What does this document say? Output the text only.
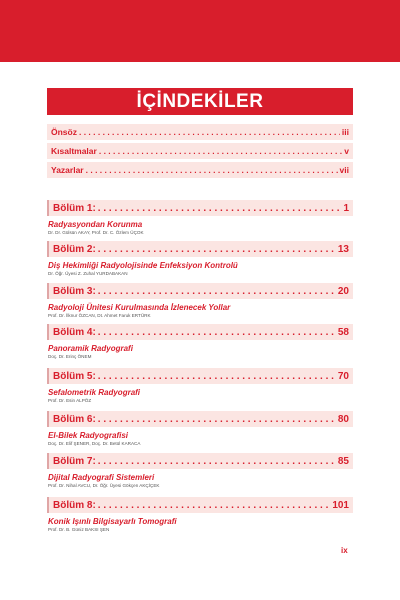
İÇİNDEKİLER
Önsöz . . .	iii
Kısaltmalar . . .	v
Yazarlar . . .	vii
Bölüm 1: . . .	1
Radyasyondan Korunma
Dr. Dr. Gülsün AKAY, Prof. Dr. C. Özlem ÜÇOK
Bölüm 2: . . .	13
Diş Hekimliği Radyolojisinde Enfeksiyon Kontrolü
Dr. Öğr. Üyesi Z. Zuhal YURDABAKAN
Bölüm 3: . . .	20
Radyoloji Ünitesi Kurulmasında İzlenecek Yollar
Prof. Dr. İlknur ÖZCAN, Dt. Ahmet Faruk ERTÜRK
Bölüm 4: . . .	58
Panoramik Radyografi
Doç. Dr. Erinç ÖNEM
Bölüm 5: . . .	70
Sefalometrik Radyografi
Prof. Dr. Esin ALPÖZ
Bölüm 6: . . .	80
El-Bilek Radyografisi
Doç. Dr. Elif ŞENER, Doç. Dr. Betül KARACA
Bölüm 7: . . .	85
Dijital Radyografi Sistemleri
Prof. Dr. Nihal AVCU, Dr. Öğr. Üyesi Gökçen AKÇİÇEK
Bölüm 8: . . .	101
Konik Işınlı Bilgisayarlı Tomografi
Prof. Dr. B. Güniz BAKSI ŞEN
ix
